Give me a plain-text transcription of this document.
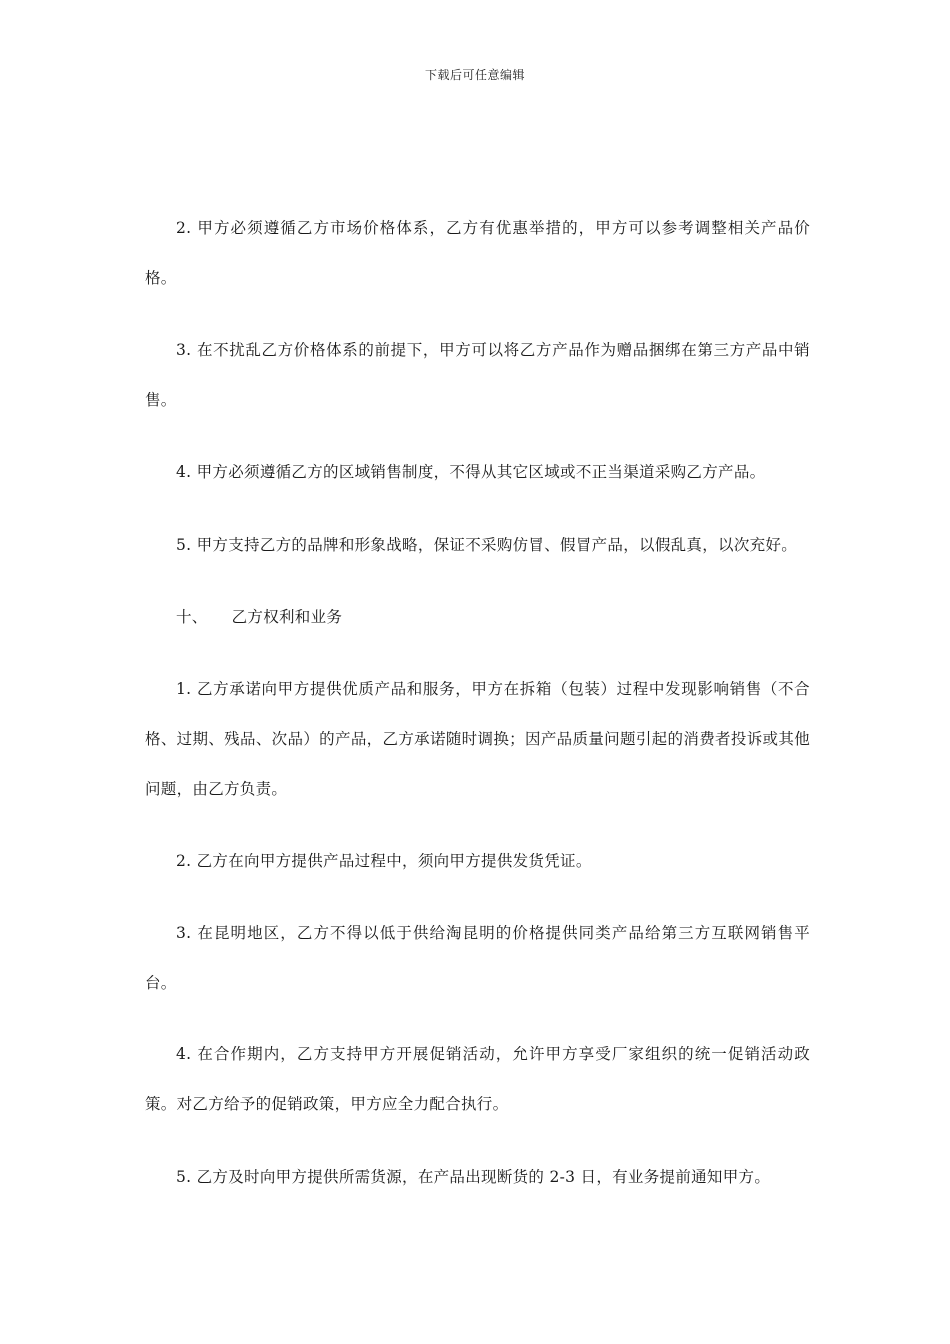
下载后可任意编辑

2. 甲方必须遵循乙方市场价格体系，乙方有优惠举措的，甲方可以参考调整相关产品价格。

3. 在不扰乱乙方价格体系的前提下，甲方可以将乙方产品作为赠品捆绑在第三方产品中销售。

4. 甲方必须遵循乙方的区域销售制度，不得从其它区域或不正当渠道采购乙方产品。

5. 甲方支持乙方的品牌和形象战略，保证不采购仿冒、假冒产品，以假乱真，以次充好。

十、 乙方权利和业务

1. 乙方承诺向甲方提供优质产品和服务，甲方在拆箱（包装）过程中发现影响销售（不合格、过期、残品、次品）的产品，乙方承诺随时调换；因产品质量问题引起的消费者投诉或其他问题，由乙方负责。

2. 乙方在向甲方提供产品过程中，须向甲方提供发货凭证。

3. 在昆明地区，乙方不得以低于供给淘昆明的价格提供同类产品给第三方互联网销售平台。

4. 在合作期内，乙方支持甲方开展促销活动，允许甲方享受厂家组织的统一促销活动政策。对乙方给予的促销政策，甲方应全力配合执行。

5. 乙方及时向甲方提供所需货源，在产品出现断货的 2-3 日，有业务提前通知甲方。
